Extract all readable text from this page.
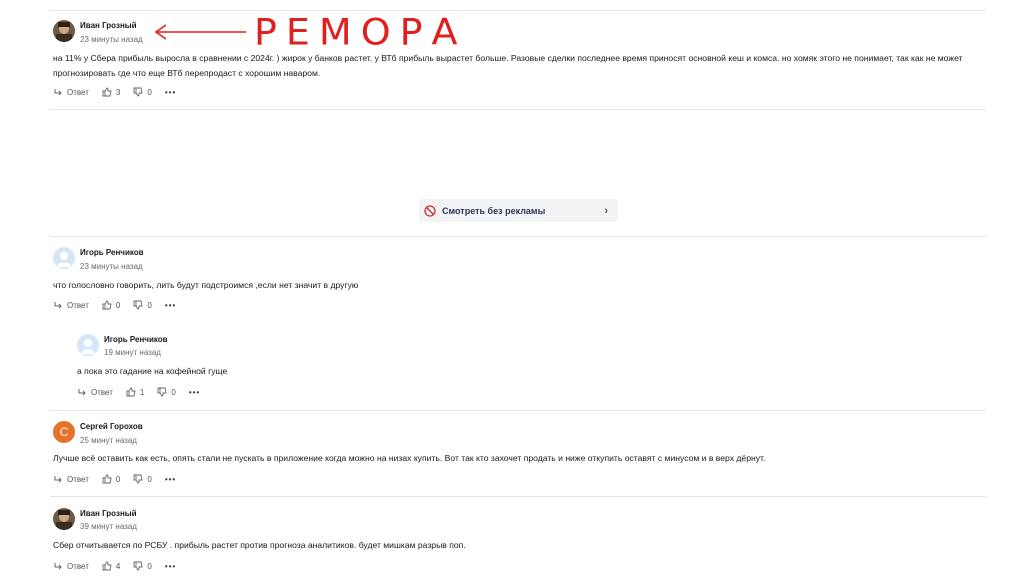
РЕМОРА
Иван Грозный
23 минуты назад
на 11% у Сбера прибыль выросла в сравнении с 2024г. ) жирок у банков растет. у ВТб прибыль вырастет больше. Разовые сделки последнее время приносят основной кеш и комса. но хомяк этого не понимает, так как не может прогнозировать где что еще ВТб перепродаст с хорошим наваром.
Ответ	3	0 •••
Смотреть без рекламы	›
Игорь Ренчиков
23 минуты назад
что голословно говорить, лить будут подстроимся ,если нет значит в другую
Ответ	0	0 •••
Игорь Ренчиков
19 минут назад
а пока это гадание на кофейной гуще
Ответ	1	0 •••
С	Сергей Горохов
25 минут назад
Лучше всё оставить как есть, опять стали не пускать в приложение когда можно на низах купить. Вот так кто захочет продать и ниже откупить оставят с минусом и в верх дёрнут.
Ответ	0	0 •••
Иван Грозный
39 минут назад
Сбер отчитывается по РСБУ . прибыль растет против прогноза аналитиков. будет мишкам разрыв поп.
Ответ	4	0 •••
